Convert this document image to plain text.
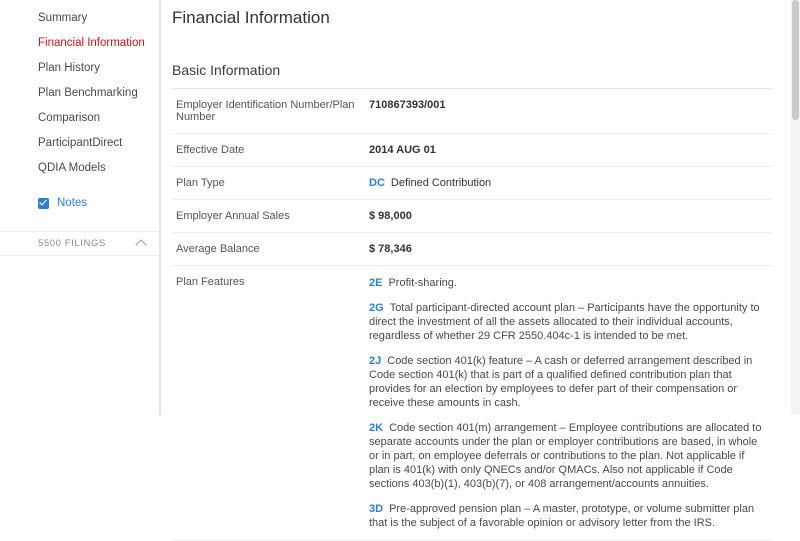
Summary
Financial Information
Plan History
Plan Benchmarking
Comparison
ParticipantDirect
QDIA Models
Notes
5500 FILINGS
Financial Information
Basic Information
Employer Identification Number/Plan Number	710867393/001
Effective Date	2014 AUG 01
Plan Type	DC Defined Contribution
Employer Annual Sales	$ 98,000
Average Balance	$ 78,346
Plan Features	2E Profit-sharing.
2G Total participant-directed account plan – Participants have the opportunity to direct the investment of all the assets allocated to their individual accounts, regardless of whether 29 CFR 2550.404c-1 is intended to be met.
2J Code section 401(k) feature – A cash or deferred arrangement described in Code section 401(k) that is part of a qualified defined contribution plan that provides for an election by employees to defer part of their compensation or receive these amounts in cash.
2K Code section 401(m) arrangement – Employee contributions are allocated to separate accounts under the plan or employer contributions are based, in whole or in part, on employee deferrals or contributions to the plan. Not applicable if plan is 401(k) with only QNECs and/or QMACs. Also not applicable if Code sections 403(b)(1), 403(b)(7), or 408 arrangement/accounts annuities.
3D Pre-approved pension plan – A master, prototype, or volume submitter plan that is the subject of a favorable opinion or advisory letter from the IRS.
